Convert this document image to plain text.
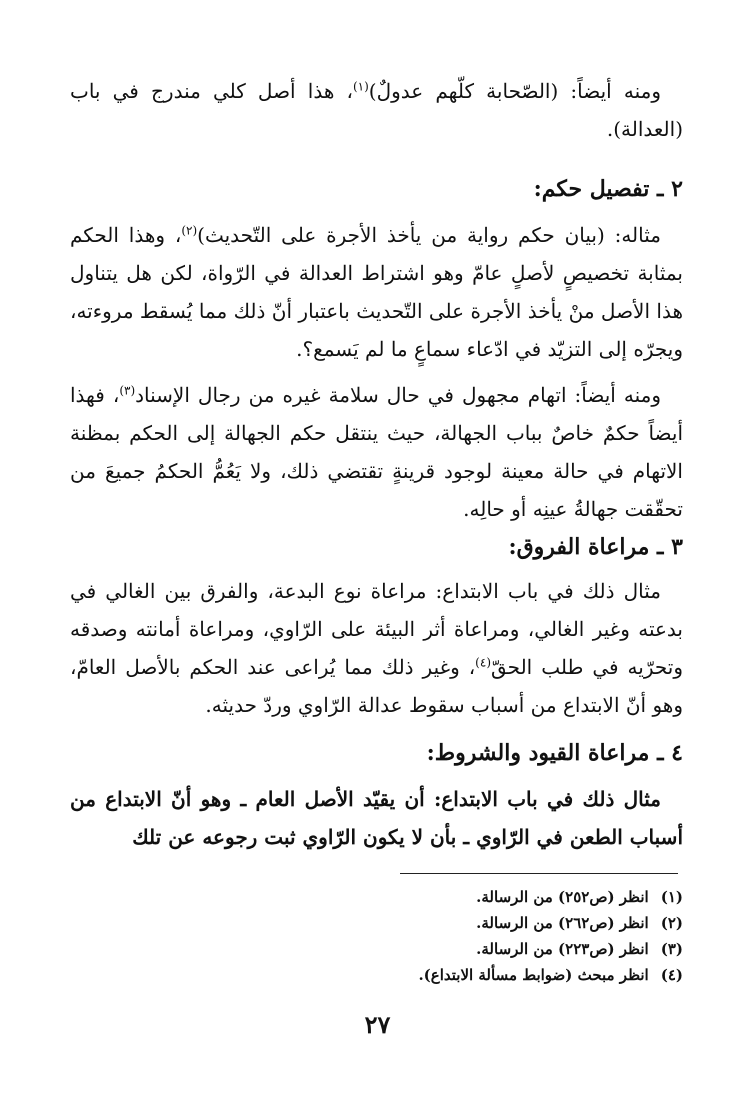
ومنه أيضاً: (الصّحابة كلّهم عدولٌ)$^{(١)}$، هذا أصل كلي مندرج في باب (العدالة).

٢ ـ تفصيل حكم:

مثاله: (بيان حكم رواية من يأخذ الأجرة على التّحديث)$^{(٢)}$، وهذا الحكم بمثابة تخصيصٍ لأصلٍ عامّ وهو اشتراط العدالة في الرّواة، لكن هل يتناول هذا الأصل منْ يأخذ الأجرة على التّحديث باعتبار أنّ ذلك مما يُسقط مروءته، ويجرّه إلى التزيّد في ادّعاء سماعٍ ما لم يَسمع؟.

ومنه أيضاً: اتهام مجهول في حال سلامة غيره من رجال الإسناد$^{(٣)}$، فهذا أيضاً حكمٌ خاصٌ بباب الجهالة، حيث ينتقل حكم الجهالة إلى الحكم بمظنة الاتهام في حالة معينة لوجود قرينةٍ تقتضي ذلك، ولا يَعُمُّ الحكمُ جميعَ من تحقّقت جهالةُ عينِه أو حالِه.

٣ ـ مراعاة الفروق:

مثال ذلك في باب الابتداع: مراعاة نوع البدعة، والفرق بين الغالي في بدعته وغير الغالي، ومراعاة أثر البيئة على الرّاوي، ومراعاة أمانته وصدقه وتحرّيه في طلب الحقّ$^{(٤)}$، وغير ذلك مما يُراعى عند الحكم بالأصل العامّ، وهو أنّ الابتداع من أسباب سقوط عدالة الرّاوي وردّ حديثه.

٤ ـ مراعاة القيود والشروط:

مثال ذلك في باب الابتداع: أن يقيّد الأصل العام ـ وهو أنّ الابتداع من أسباب الطعن في الرّاوي ـ بأن لا يكون الرّاوي ثبت رجوعه عن تلك

(١)انظر (ص٢٥٢) من الرسالة.
(٢)انظر (ص٢٦٢) من الرسالة.
(٣)انظر (ص٢٢٣) من الرسالة.
(٤)انظر مبحث (ضوابط مسألة الابتداع).
٢٧
